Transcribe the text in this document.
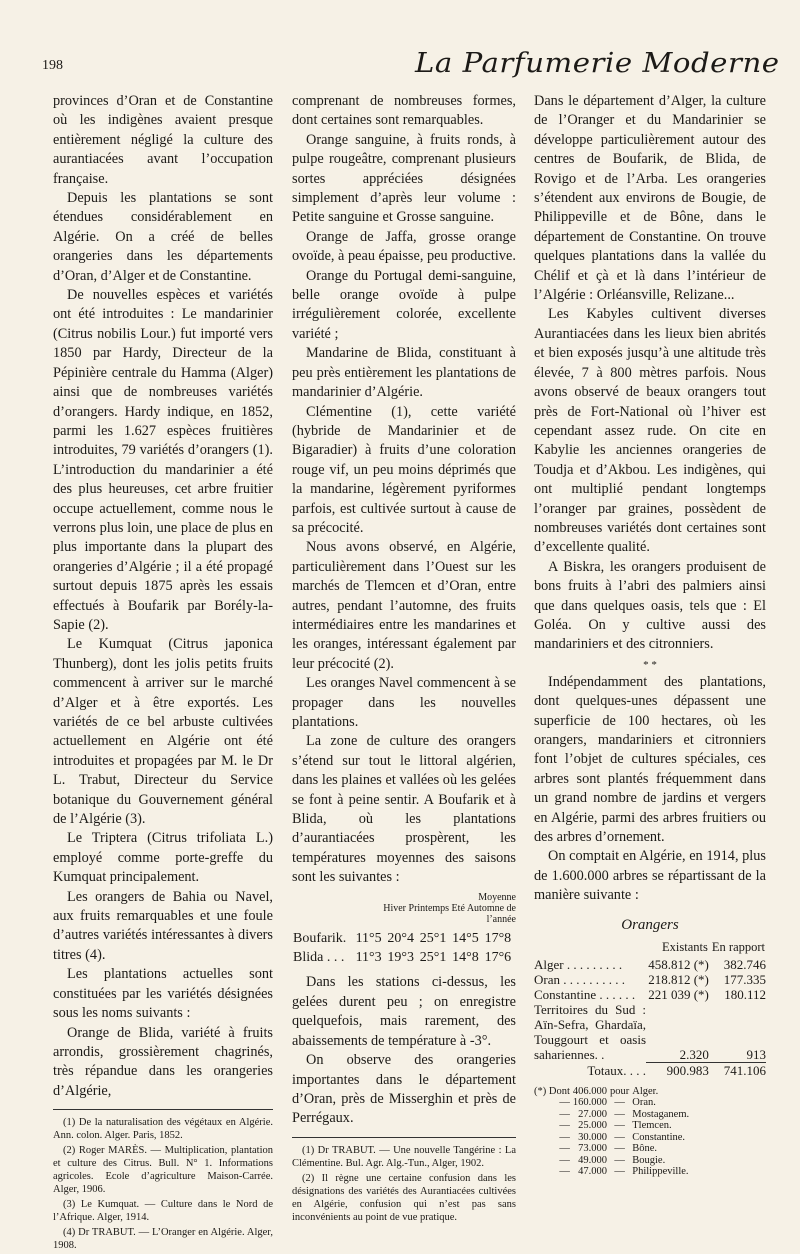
198	La Parfumerie Moderne

provinces d’Oran et de Constantine où les indigènes avaient presque entièrement négligé la culture des aurantiacées avant l’occupation française.

Depuis les plantations se sont étendues considérablement en Algérie. On a créé de belles orangeries dans les départements d’Oran, d’Alger et de Constantine.

De nouvelles espèces et variétés ont été introduites : Le mandarinier (Citrus nobilis Lour.) fut importé vers 1850 par Hardy, Directeur de la Pépinière centrale du Hamma (Alger) ainsi que de nombreuses variétés d’orangers. Hardy indique, en 1852, parmi les 1.627 espèces fruitières introduites, 79 variétés d’orangers (1). L’introduction du mandarinier a été des plus heureuses, cet arbre fruitier occupe actuellement, comme nous le verrons plus loin, une place de plus en plus importante dans la plupart des orangeries d’Algérie ; il a été propagé surtout depuis 1875 après les essais effectués à Boufarik par Borély-la-Sapie (2).

Le Kumquat (Citrus japonica Thunberg), dont les jolis petits fruits commencent à arriver sur le marché d’Alger et à être exportés. Les variétés de ce bel arbuste cultivées actuellement en Algérie ont été introduites et propagées par M. le Dr L. Trabut, Directeur du Service botanique du Gouvernement général de l’Algérie (3).

Le Triptera (Citrus trifoliata L.) employé comme porte-greffe du Kumquat principalement.

Les orangers de Bahia ou Navel, aux fruits remarquables et une foule d’autres variétés intéressantes à divers titres (4).

Les plantations actuelles sont constituées par les variétés désignées sous les noms suivants :

Orange de Blida, variété à fruits arrondis, grossièrement chagrinés, très répandue dans les orangeries d’Algérie,

(1) De la naturalisation des végétaux en Algérie. Ann. colon. Alger. Paris, 1852.
(2) Roger MARÈS. — Multiplication, plantation et culture des Citrus. Bull. N° 1. Informations agricoles. Ecole d’agriculture Maison-Carrée. Alger, 1906.
(3) Le Kumquat. — Culture dans le Nord de l’Afrique. Alger, 1914.
(4) Dr TRABUT. — L’Oranger en Algérie. Alger, 1908.

comprenant de nombreuses formes, dont certaines sont remarquables.

Orange sanguine, à fruits ronds, à pulpe rougeâtre, comprenant plusieurs sortes appréciées désignées simplement d’après leur volume : Petite sanguine et Grosse sanguine.

Orange de Jaffa, grosse orange ovoïde, à peau épaisse, peu productive.

Orange du Portugal demi-sanguine, belle orange ovoïde à pulpe irrégulièrement colorée, excellente variété ;

Mandarine de Blida, constituant à peu près entièrement les plantations de mandarinier d’Algérie.

Clémentine (1), cette variété (hybride de Mandarinier et de Bigaradier) à fruits d’une coloration rouge vif, un peu moins déprimés que la mandarine, légèrement pyriformes parfois, est cultivée surtout à cause de sa précocité.

Nous avons observé, en Algérie, particulièrement dans l’Ouest sur les marchés de Tlemcen et d’Oran, entre autres, pendant l’automne, des fruits intermédiaires entre les mandarines et les oranges, intéressant également par leur précocité (2).

Les oranges Navel commencent à se propager dans les nouvelles plantations.

La zone de culture des orangers s’étend sur tout le littoral algérien, dans les plaines et vallées où les gelées se font à peine sentir. A Boufarik et à Blida, où les plantations d’aurantiacées prospèrent, les températures moyennes des saisons sont les suivantes :

Moyenne
Hiver Printemps Eté Automne de
l’année
Boufarik.	11°5	20°4	25°1	14°5	17°8
Blida . . .	11°3	19°3	25°1	14°8	17°6

Dans les stations ci-dessus, les gelées durent peu ; on enregistre quelquefois, mais rarement, des abaissements de température à -3°.

On observe des orangeries importantes dans le département d’Oran, près de Misserghin et près de Perrégaux.

(1) Dr TRABUT. — Une nouvelle Tangérine : La Clémentine. Bul. Agr. Alg.-Tun., Alger, 1902.
(2) Il règne une certaine confusion dans les désignations des variétés des Aurantiacées cultivées en Algérie, confusion qui n’est pas sans inconvénients au point de vue pratique.

Dans le département d’Alger, la culture de l’Oranger et du Mandarinier se développe particulièrement autour des centres de Boufarik, de Blida, de Rovigo et de l’Arba. Les orangeries s’étendent aux environs de Bougie, de Philippeville et de Bône, dans le département de Constantine. On trouve quelques plantations dans la vallée du Chélif et çà et là dans l’intérieur de l’Algérie : Orléansville, Relizane...

Les Kabyles cultivent diverses Aurantiacées dans les lieux bien abrités et bien exposés jusqu’à une altitude très élevée, 7 à 800 mètres parfois. Nous avons observé de beaux orangers tout près de Fort-National où l’hiver est cependant assez rude. On cite en Kabylie les anciennes orangeries de Toudja et d’Akbou. Les indigènes, qui ont multiplié pendant longtemps l’oranger par graines, possèdent de nombreuses variétés dont certaines sont d’excellente qualité.

A Biskra, les orangers produisent de bons fruits à l’abri des palmiers ainsi que dans quelques oasis, tels que : El Goléa. On y cultive aussi des mandariniers et des citronniers.

* *

Indépendamment des plantations, dont quelques-unes dépassent une superficie de 100 hectares, où les orangers, mandariniers et citronniers font l’objet de cultures spéciales, ces arbres sont plantés fréquemment dans un grand nombre de jardins et vergers en Algérie, parmi des arbres fruitiers ou des arbres d’ornement.

On comptait en Algérie, en 1914, plus de 1.600.000 arbres se répartissant de la manière suivante :

Orangers
	Existants	En rapport
Alger . . . . . . . . .	458.812 (*)	382.746
Oran . . . . . . . . . .	218.812 (*)	177.335
Constantine . . . . . .	221 039 (*)	180.112
Territoires du Sud : Aïn-Sefra, Ghardaïa, Touggourt et oasis sahariennes. .	2.320	913
Totaux. . . .	900.983	741.106
(*) Dont	406.000	pour	Alger.
—	160.000	—	Oran.
—	27.000	—	Mostaganem.
—	25.000	—	Tlemcen.
—	30.000	—	Constantine.
—	73.000	—	Bône.
—	49.000	—	Bougie.
—	47.000	—	Philippeville.
